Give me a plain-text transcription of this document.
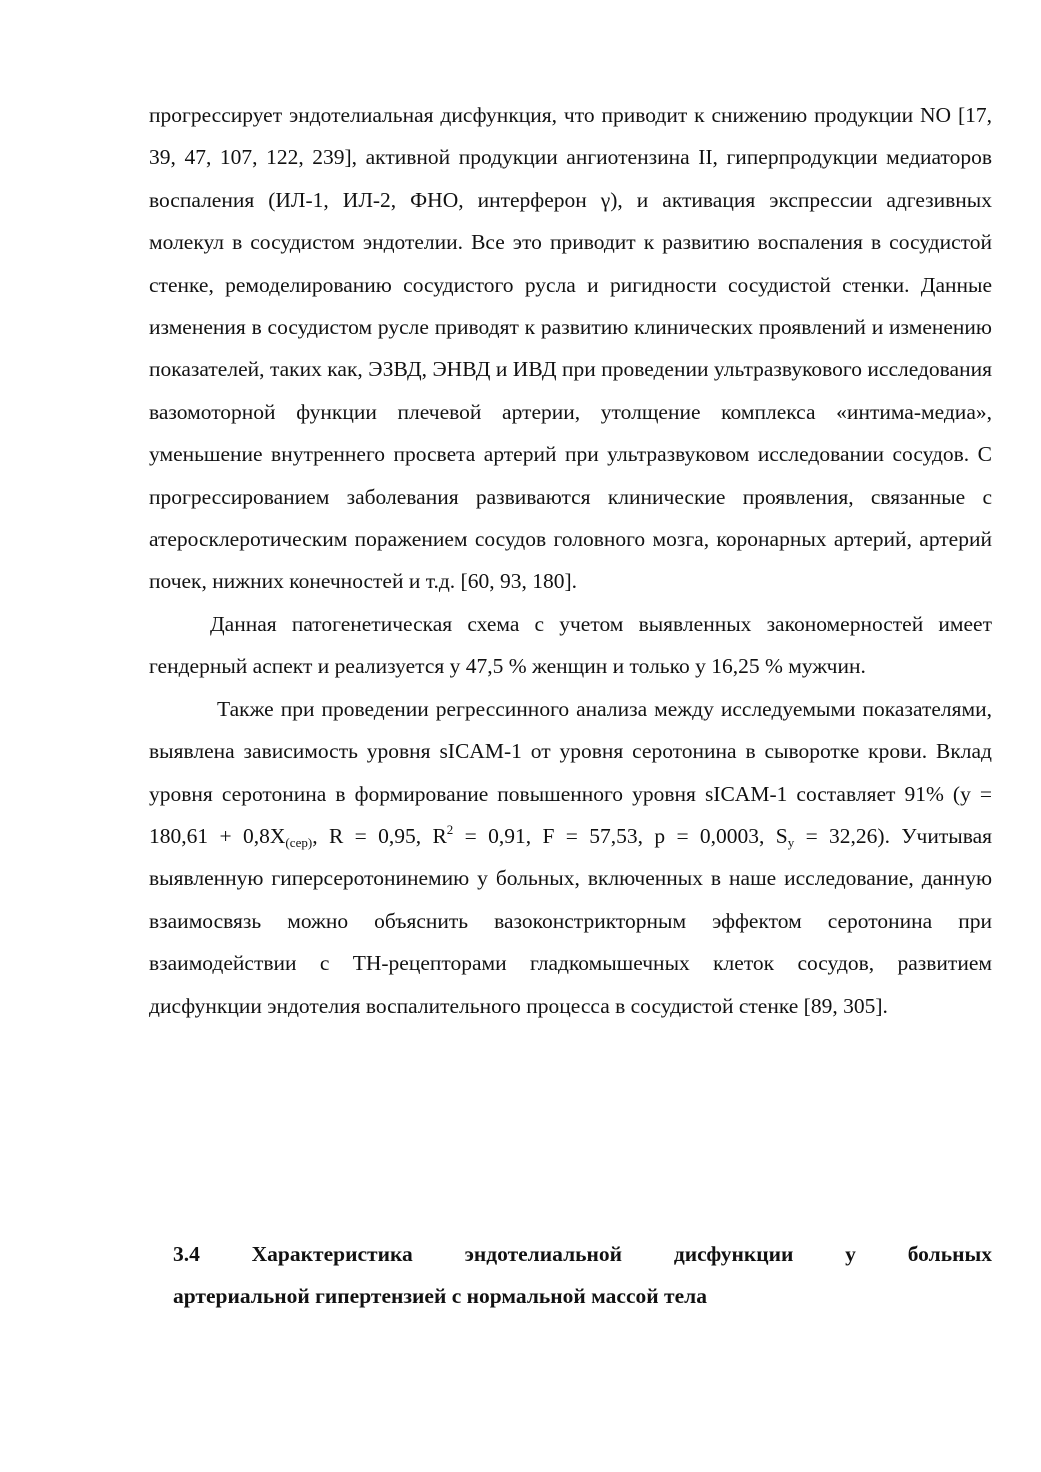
прогрессирует эндотелиальная дисфункция, что приводит к снижению продукции NO [17, 39, 47, 107, 122, 239], активной продукции ангиотензина II, гиперпродукции медиаторов воспаления (ИЛ-1, ИЛ-2, ФНО, интерферон γ), и активация экспрессии адгезивных молекул в сосудистом эндотелии. Все это приводит к развитию воспаления в сосудистой стенке, ремоделированию сосудистого русла и ригидности сосудистой стенки. Данные изменения в сосудистом русле приводят к развитию клинических проявлений и изменению показателей, таких как, ЭЗВД, ЭНВД и ИВД при проведении ультразвукового исследования вазомоторной функции плечевой артерии, утолщение комплекса «интима-медиа», уменьшение внутреннего просвета артерий при ультразвуковом исследовании сосудов. С прогрессированием заболевания развиваются клинические проявления, связанные с атеросклеротическим поражением сосудов головного мозга, коронарных артерий, артерий почек, нижних конечностей и т.д. [60, 93, 180].

Данная патогенетическая схема с учетом выявленных закономерностей имеет гендерный аспект и реализуется у 47,5 % женщин и только у 16,25 % мужчин.

Также при проведении регрессинного анализа между исследуемыми показателями, выявлена зависимость уровня sICAM-1 от уровня серотонина в сыворотке крови. Вклад уровня серотонина в формирование повышенного уровня sICAM-1 составляет 91% ($y = 180,61 + 0,8X_{(сер)}$, R = 0,95, $R^2 = 0,91$, F = 57,53, p = 0,0003, $S_y = 32,26$). Учитывая выявленную гиперсеротонинемию у больных, включенных в наше исследование, данную взаимосвязь можно объяснить вазоконстрикторным эффектом серотонина при взаимодействии с ТН-рецепторами гладкомышечных клеток сосудов, развитием дисфункции эндотелия воспалительного процесса в сосудистой стенке [89, 305].

3.4 Характеристика эндотелиальной дисфункции у больных
артериальной гипертензией с нормальной массой тела
